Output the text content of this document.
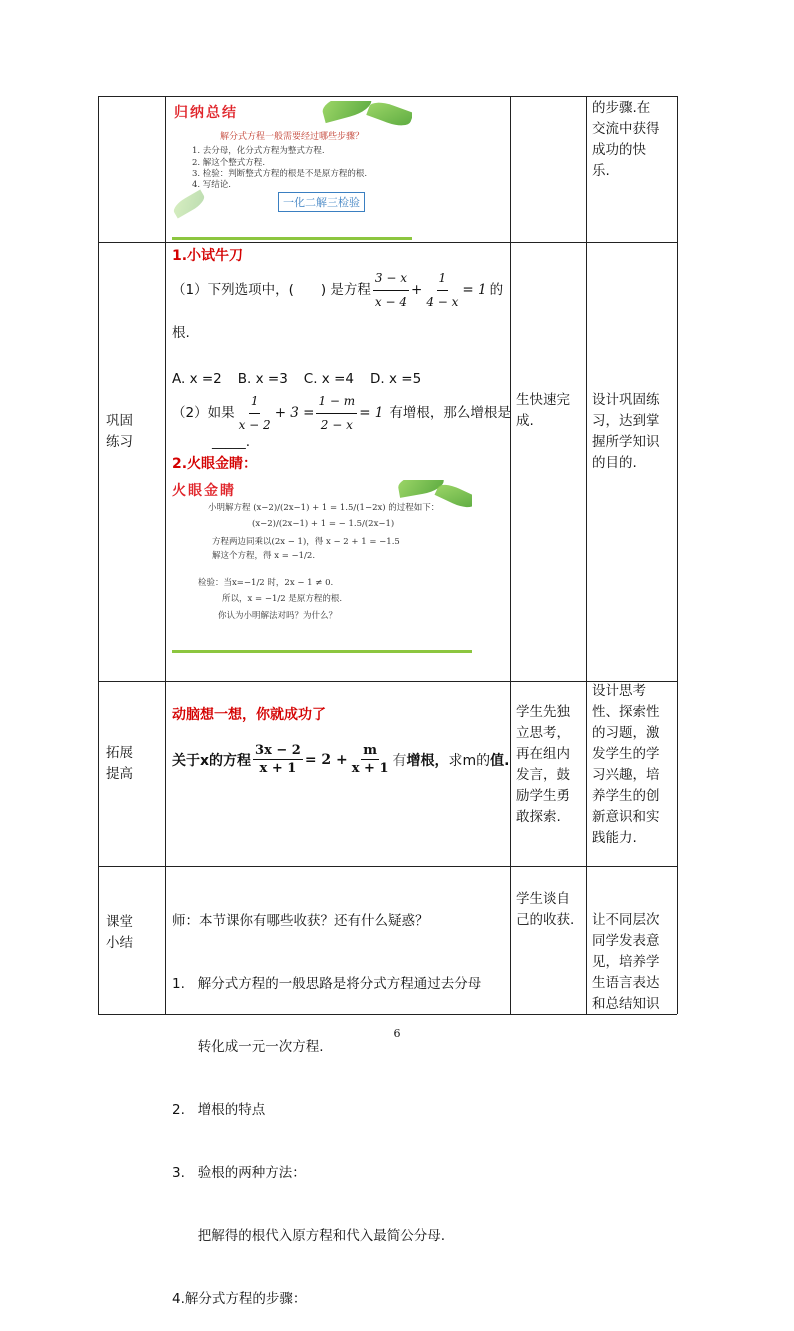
归纳总结
解分式方程一般需要经过哪些步骤？
1. 去分母，化分式方程为整式方程.
2. 解这个整式方程.
3. 检验：判断整式方程的根是不是原方程的根.
4. 写结论.
一化二解三检验
的步骤.在
交流中获得
成功的快
乐.
巩固
练习
1.小试牛刀
（1）下列选项中，(　　) 是方程 $\frac{3 - x}{x - 4} + \frac{1}{4 - x} = 1$ 的
根.
A. x =2 B. x =3 C. x =4 D. x =5
（2）如果 $\frac{1}{x - 2} + 3 = \frac{1 - m}{2 - x} = 1$ 有增根，那么增根是
_____.
2.火眼金睛：
火眼金睛
小明解方程 (x−2)/(2x−1) + 1 = 1.5/(1−2x) 的过程如下：
(x−2)/(2x−1) + 1 = − 1.5/(2x−1)
方程两边同乘以(2x − 1)，得 x − 2 + 1 = −1.5
解这个方程，得 x = −1/2.
检验：当x=−1/2 时，2x − 1 ≠ 0.
所以，x = −1/2 是原方程的根.
你认为小明解法对吗？为什么？
生快速完
成.
设计巩固练
习，达到掌
握所学知识
的目的.
拓展
提高
动脑想一想，你就成功了
关于x的方程 $\frac{3x - 2}{x + 1} = 2 + \frac{m}{x + 1}$ 有 增根， 求m的 值.
学生先独
立思考，
再在组内
发言，鼓
励学生勇
敢探索.
设计思考
性、探索性
的习题，激
发学生的学
习兴趣，培
养学生的创
新意识和实
践能力.
课堂
小结

师：本节课你有哪些收获？还有什么疑惑？

1.   解分式方程的一般思路是将分式方程通过去分母

转化成一元一次方程.

2.   增根的特点

3.   验根的两种方法：

把解得的根代入原方程和代入最简公分母.

4.解分式方程的步骤：

学生谈自
己的收获. 让不同层次
同学发表意
见，培养学
生语言表达
和总结知识
6
